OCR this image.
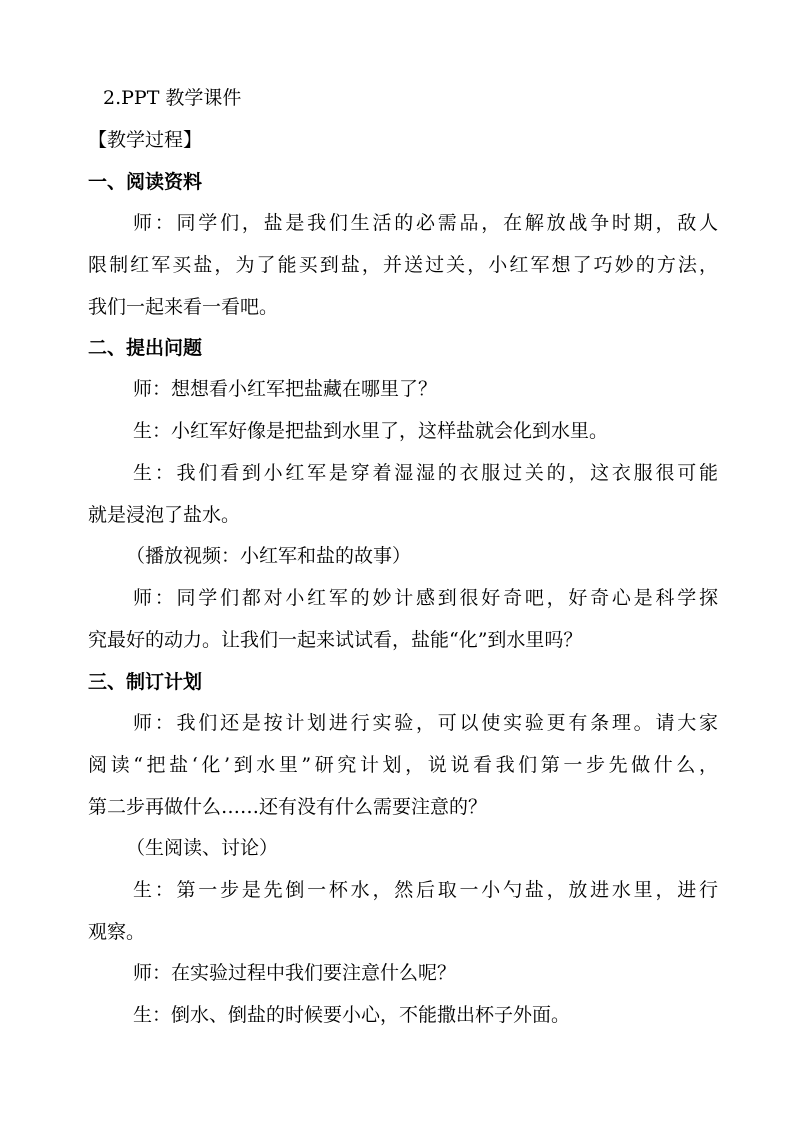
2.PPT 教学课件
【教学过程】
一、阅读资料
师：同学们，盐是我们生活的必需品，在解放战争时期，敌人
限制红军买盐，为了能买到盐，并送过关，小红军想了巧妙的方法，
我们一起来看一看吧。
二、提出问题
师：想想看小红军把盐藏在哪里了？
生：小红军好像是把盐到水里了，这样盐就会化到水里。
生：我们看到小红军是穿着湿湿的衣服过关的，这衣服很可能
就是浸泡了盐水。
（播放视频：小红军和盐的故事）
师：同学们都对小红军的妙计感到很好奇吧，好奇心是科学探
究最好的动力。让我们一起来试试看，盐能“化”到水里吗？
三、制订计划
师：我们还是按计划进行实验，可以使实验更有条理。请大家
阅读“把盐‘化’到水里”研究计划，说说看我们第一步先做什么，
第二步再做什么……还有没有什么需要注意的？
（生阅读、讨论）
生：第一步是先倒一杯水，然后取一小勺盐，放进水里，进行
观察。
师：在实验过程中我们要注意什么呢？
生：倒水、倒盐的时候要小心，不能撒出杯子外面。
